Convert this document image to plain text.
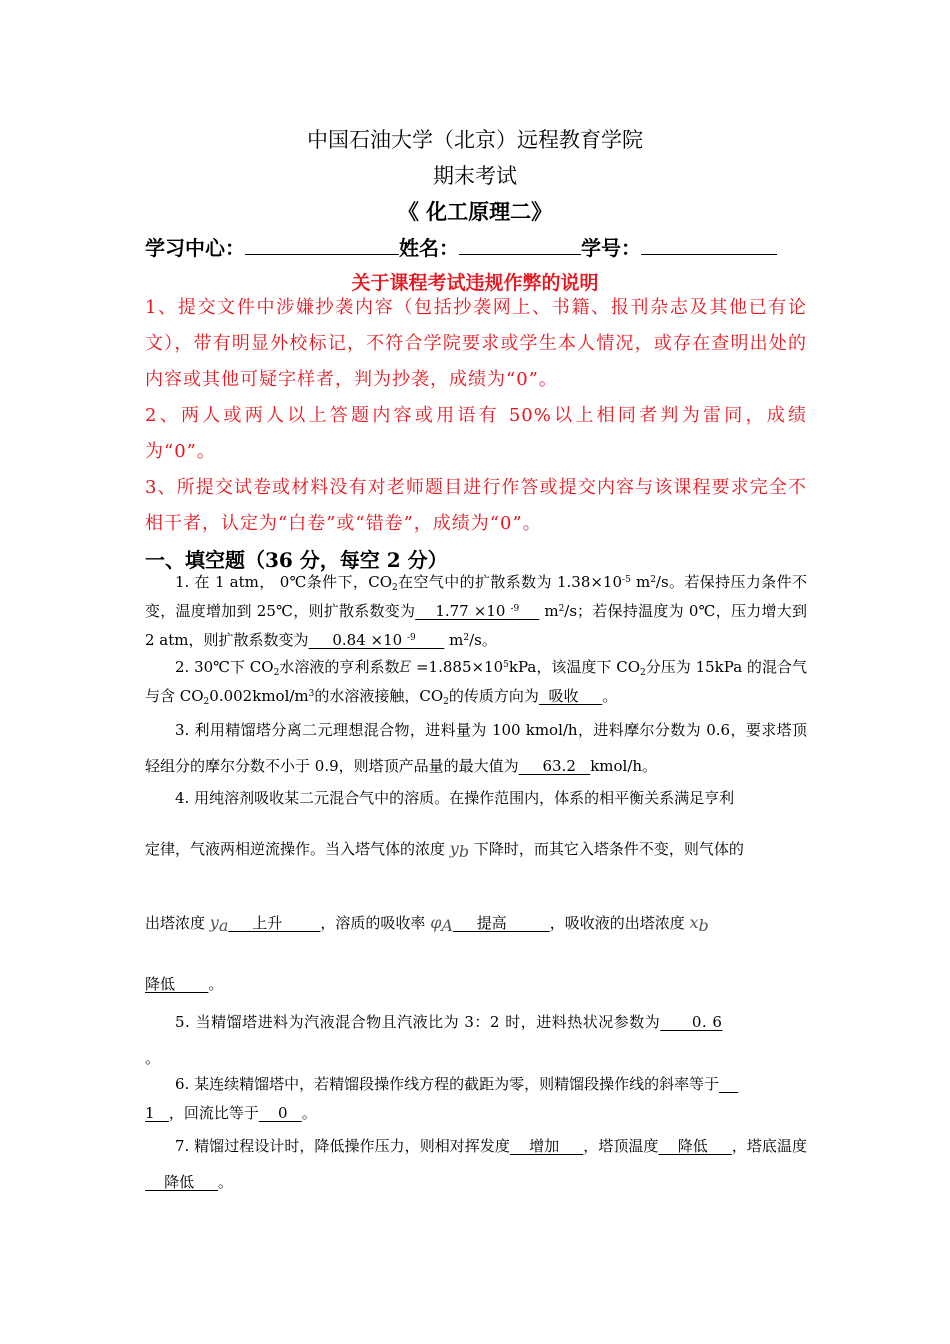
中国石油大学（北京）远程教育学院
期末考试
《 化工原理二》
学习中心：	姓名：	学号：
关于课程考试违规作弊的说明
1、提交文件中涉嫌抄袭内容（包括抄袭网上、书籍、报刊杂志及其他已有论文），带有明显外校标记，不符合学院要求或学生本人情况，或存在查明出处的内容或其他可疑字样者，判为抄袭，成绩为“0”。
2、两人或两人以上答题内容或用语有 50%以上相同者判为雷同，成绩为“0”。
3、所提交试卷或材料没有对老师题目进行作答或提交内容与该课程要求完全不相干者，认定为“白卷”或“错卷”，成绩为“0”。
一、填空题（36 分，每空 2 分）
1. 在 1 atm， 0℃条件下，$CO_2$在空气中的扩散系数为 $1.38\times 10^{-5}$ $m^2/s$。若保持压力条件不变，温度增加到 25℃，则扩散系数变为    1.77 ×10 $^{-9}$     $m^2/s$；若保持温度为 0℃，压力增大到 2 atm，则扩散系数变为     0.84 ×10 $^{-9}$       $m^2/s$。
2. 30℃下 $CO_2$水溶液的亨利系数$E =1.885\times 10^5kPa$，该温度下 $CO_2$分压为 15kPa 的混合气与含 $CO_20.002kmol/m^3$的水溶液接触，$CO_2$的传质方向为  吸收     。
3. 利用精馏塔分离二元理想混合物，进料量为 100 kmol/h，进料摩尔分数为 0.6，要求塔顶轻组分的摩尔分数不小于 0.9，则塔顶产品量的最大值为     63.2   kmol/h。
4. 用纯溶剂吸收某二元混合气中的溶质。在操作范围内，体系的相平衡关系满足亨利
定律，气液两相逆流操作。当入塔气体的浓度 $y_b$ 下降时，而其它入塔条件不变，则气体的
出塔浓度 $y_a$     上升        ，溶质的吸收率 $\varphi_A$     提高         ，吸收液的出塔浓度 $x_b$
降低       。
5. 当精馏塔进料为汽液混合物且汽液比为 3：2 时，进料热状况参数为      0. 6
。
6. 某连续精馏塔中，若精馏段操作线方程的截距为零，则精馏段操作线的斜率等于
1   ，回流比等于    0   。
7. 精馏过程设计时，降低操作压力，则相对挥发度    增加     ，塔顶温度    降低     ，塔底温度    降低     。
